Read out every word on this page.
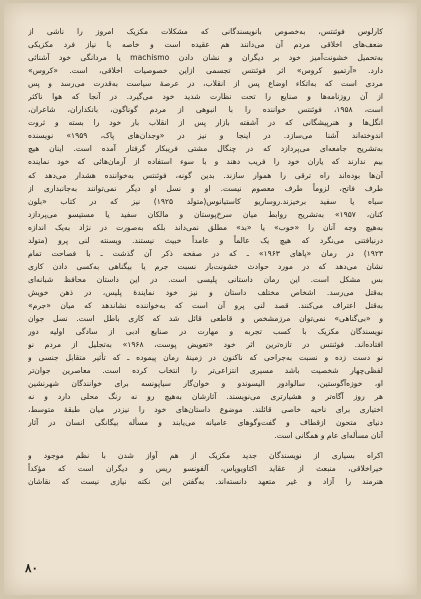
کارلوس فوئنتس، بەخصوص بانویسندگانی که مشکلات مکزیک امروز را ناشی از
ضعف‌های اخلاقی مردم آن می‌دانند هم عقیده است و خاصه با نیاز فرد مکزیکی
بەتحمیل خشونت‌آمیز خود بر دیگران و نشان دادن machismo یا مردانگی خود آشنائی
دارد. «آرتمیو کروس» اثر فوئنتس تجسمی ازاین خصوصیات اخلاقی، است. «کروس»
مردی است که بەاتکاء اوضاع پس از انقلاب، در عرصهٔ سیاست بەقدرت می‌رسد و پس
از آن روزنامه‌ها و صنایع را تحت نظارت شدید خود می‌گیرد. در آنجا که هوا ناکثر
است، ۱۹۵۸، فوئنتس خواننده را با انبوهی از مردم گوناگون، بانکداران، شاعران،
انگل‌ها و هنرپیشگانی که در آشفته بازار پس از انقلاب بار خود را بسته و ثروت
اندوخته‌اند آشنا می‌سازد. در اینجا و نیز در «وجدان‌های پاک، ۱۹۵۹» نویسنده
بەتشریح جامعه‌ای می‌پردازد که در چنگال مشتی فریبکار گرفتار آمده است. اینان هیچ
بیم ندارند که یاران خود را فریب دهند و با سوء استفاده از آرمان‌هائی که خود نماینده
آن‌ها بوده‌اند راه ترقی را هموار سازند. بدین گونه، فوئنتس بەخواننده هشدار می‌دهد که
طرف فاتح، لزوماً طرف معصوم نیست. او و نسل او دیگر نمی‌توانند بەجانبداری از
سیاه یا سفید برخیزند.روساریو کاستیانوس(متولد ۱۹۲۵) نیز که در کتاب «بلون
کنان، ۱۹۵۷» بەتشریح روابط میان سرخ‌پوستان و مالکان سفید یا مستیسو می‌پردازد
بەهیچ وجه آنان را «خوب» یا «بد» مطلق نمی‌داند بلکه بەصورت در نژاد بەیک اندازه
درنیافتنی می‌نگرد که هیچ یک عالماً و عامداً خبیث نیستند. ویسنته لنی پرو (متولد
۱۹۲۳) در رمان «پاهای ۱۹۶۳» ـ که در صفحه ذکر آن گذشت ـ با فصاحت تمام
نشان می‌دهد که در مورد حوادث خشونت‌بار نسبت جرم یا بیگناهی بەکسی دادن کاری
بس مشکل است. این رمان داستانی پلیسی است. در این داستان محافظ شبانه‌ای
بەقتل می‌رسد. اشخاص مختلف داستان و نیز خود نمایندهٔ پلیس، در ذهن خویش
بەقتل اعتراف می‌کنند. قصد لنی پرو آن است که بەخواننده نشاندهد که میان «جرم»
و «بی‌گناهی» نمی‌توان مرزمشخص و قاطعی قائل شد که کاری باطل است. نسل جوان
نویسندگان مکزیک با کسب تجربه و مهارت در صنایع ادبی از سادگی اولیه دور
افتاده‌اند. فوئنتس در تازه‌ترین اثر خود «تعویض پوست، ۱۹۶۸» بەتجلیل از مردم نو
نو دست زده و نسبت بەجراحی که ناکنون در زمینهٔ رمان پیموده ـ که تأثیر متقابل جنسی و
لفظی‌چهار شخصیت باشد مسیری انتزاعی‌تر را انتخاب کرده است. معاصرین جوان‌تر
او، خوزه‌آگوستین، سالوادور الیسوندو و خوان‌گار سیاپونسه برای خوانندگان شهرنشین
هر روز آگاه‌تر و هشیارتری می‌نویسند. آثارشان بەهیچ رو نه رنگ محلی دارد و نه
اختیاری برای ناحیه خاصی قائلند. موضوع داستان‌های خود را نیزدر میان طبقهٔ متوسط،
دنیای متحون ازقطاف و گفت‌وگوهای عامیانه می‌یابند و مسأله بیگانگی انسان در آثار
آنان مسأله‌ای عام و همگانی است.
اکراه بسیاری از نویسندگان جدید مکزیک از هم آواز شدن با نظم موجود و
خیراخلاقی، منبعث از عقاید اکتاویوپاس، آلفونسو ریس و دیگران است که مؤکداً
هنرمند را آزاد و غیر متعهد دانسته‌اند. بەگفتن این نکته نیازی نیست که نقاشان
۸۰
